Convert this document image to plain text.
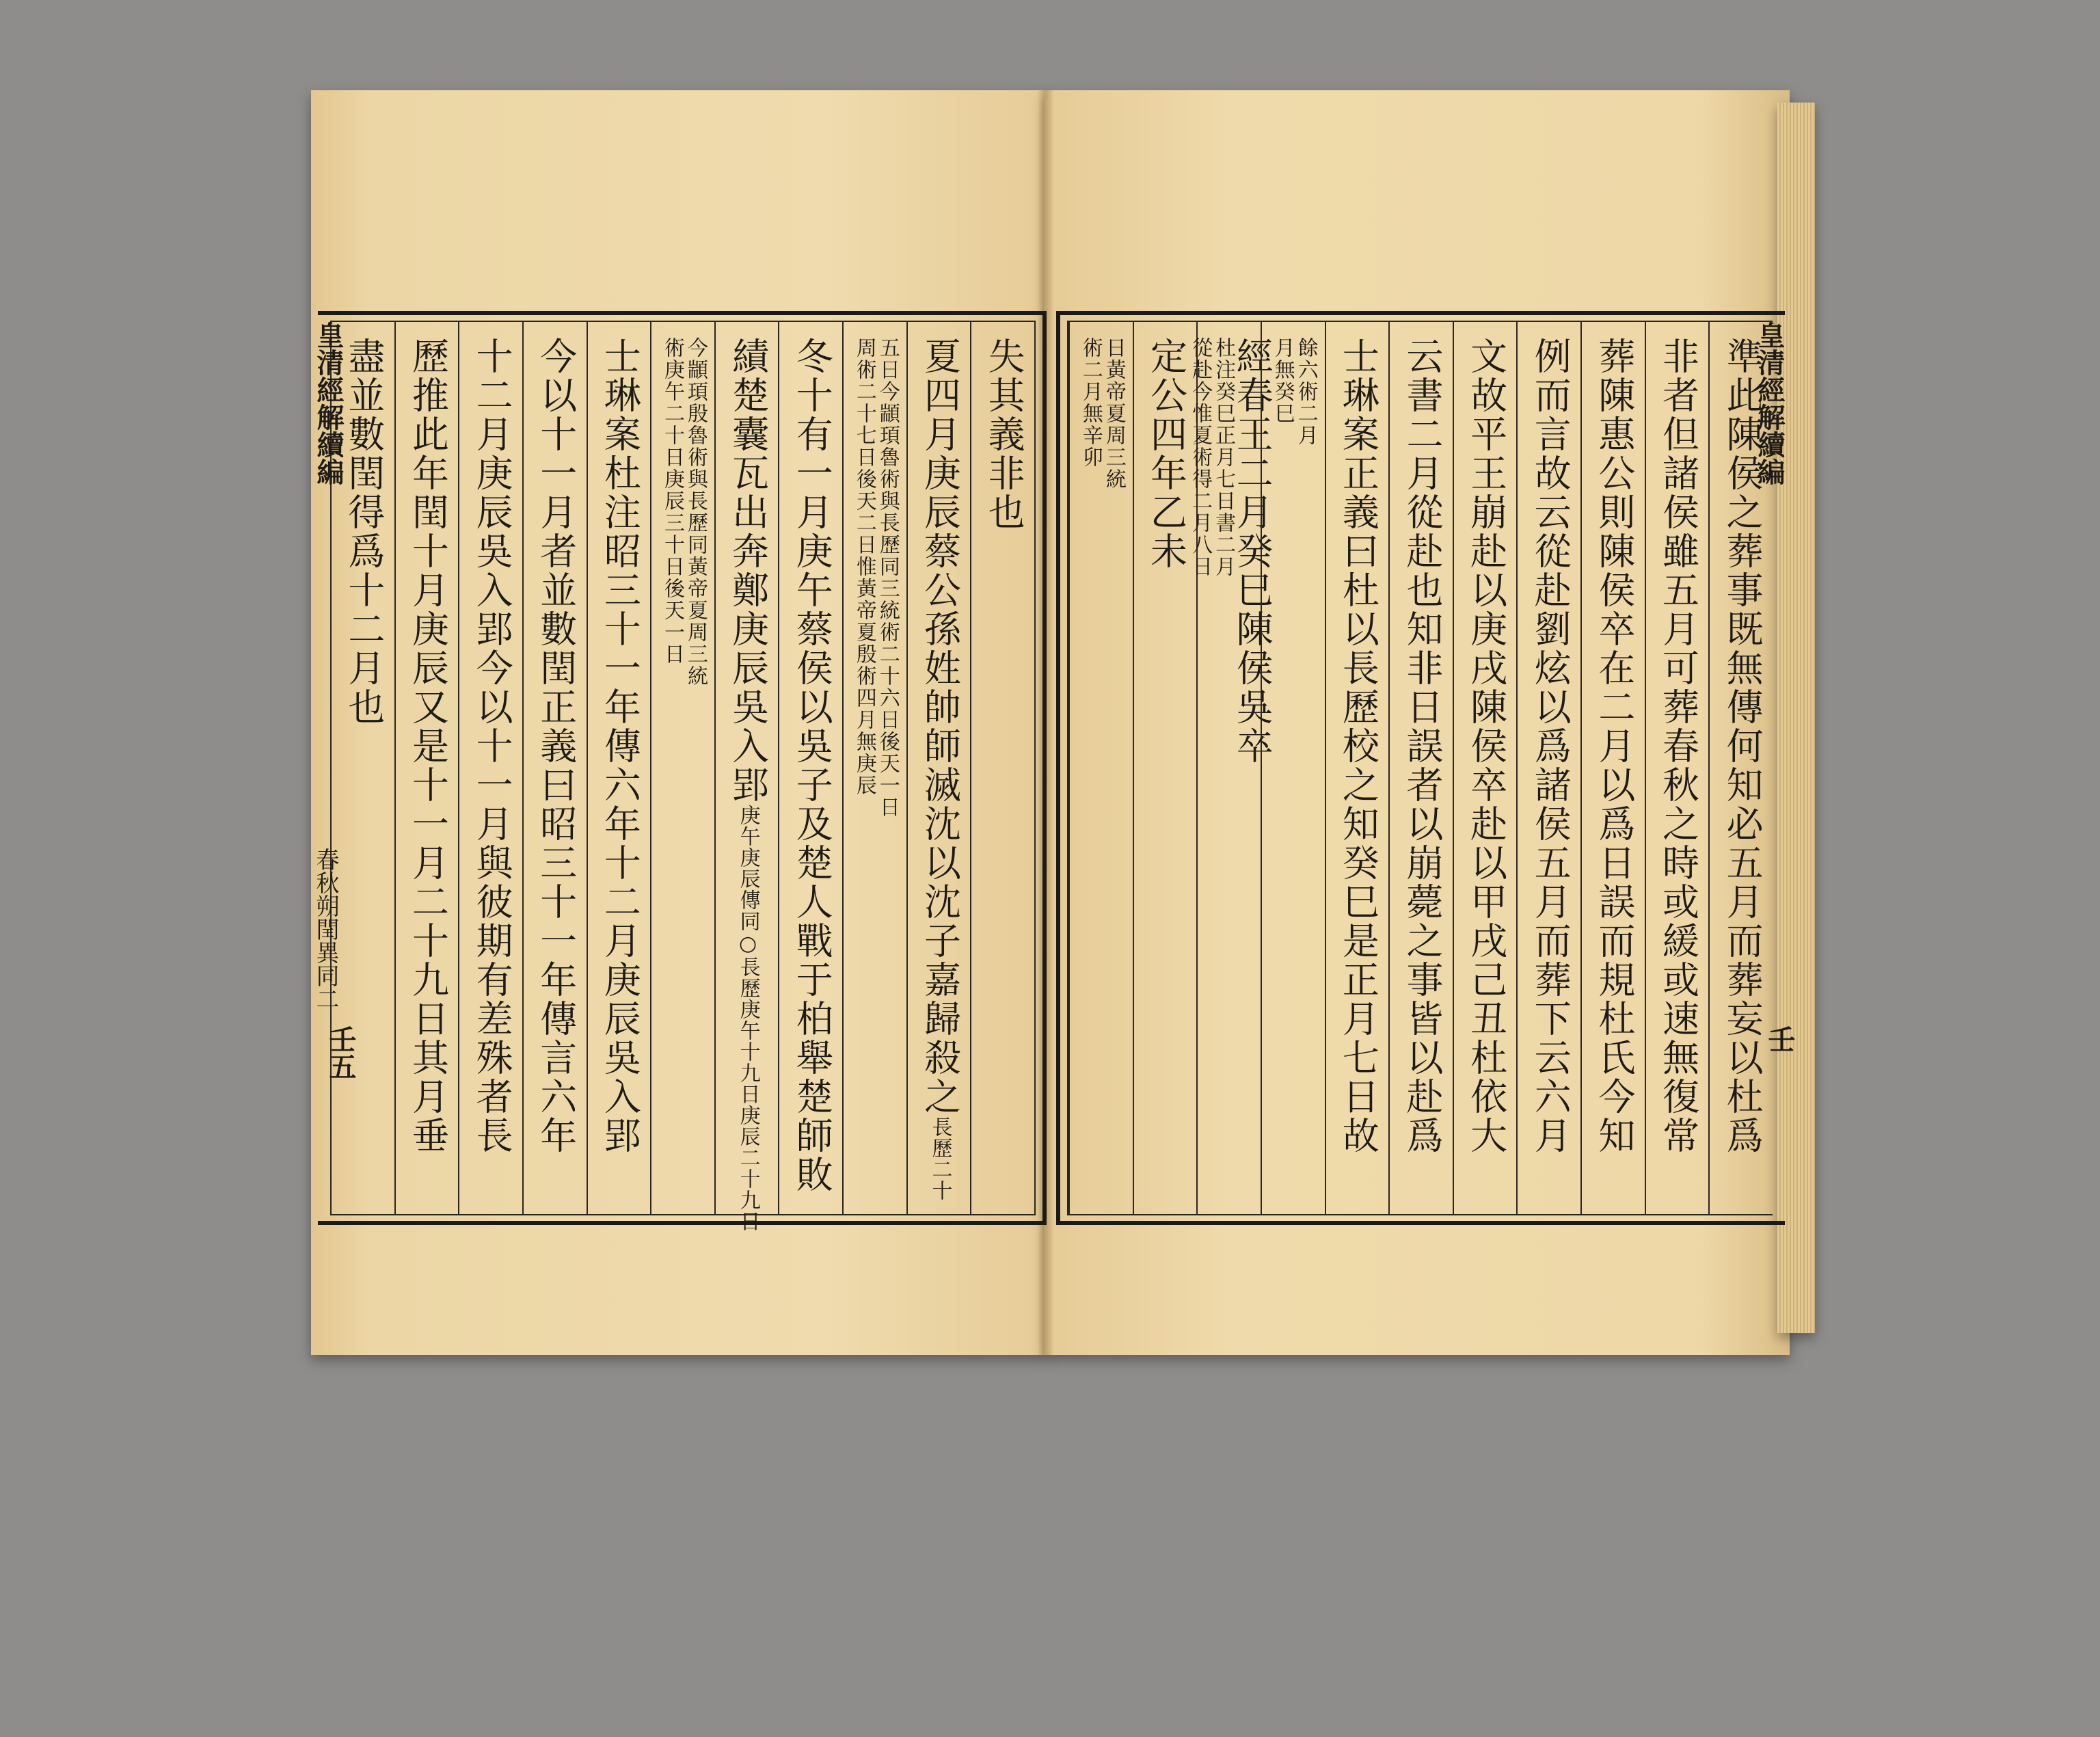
盡並數閏得爲十二月也 歷推此年閏十月庚辰又是十一月二十九日其月垂 十二月庚辰吳入郢今以十一月與彼期有差殊者長 今以十一月者並數閏正義曰昭三十一年傳言六年 士琳案杜注昭三十一年傳六年十二月庚辰吳入郢 今顓頊殷魯術與長歷同黃帝夏周三統
術庚午二十日庚辰三十日後天一日 績楚囊瓦出奔鄭庚辰吳入郢庚午庚辰傳同○長歷庚午十九日庚辰二十九日 冬十有一月庚午蔡侯以吳子及楚人戰于柏舉楚師敗 五日今顓頊魯術與長歷同三統術二十六日後天一日
周術二十七日後天二日惟黃帝夏殷術四月無庚辰 夏四月庚辰蔡公孫姓帥師滅沈以沈子嘉歸殺之長歷二十
失其義非也
皇清經解續編
春秋朔閏異同二
壬五
日黃帝夏周三統
術二月無辛卯 定公四年乙未 經春王二月癸巳陳侯吳卒
杜注癸巳正月七日書二月
從赴今惟夏術得二月八日	餘六術二月
月無癸巳 士琳案正義曰杜以長歷校之知癸巳是正月七日故 云書二月從赴也知非日誤者以崩薨之事皆以赴爲 文故平王崩赴以庚戌陳侯卒赴以甲戌己丑杜依大 例而言故云從赴劉炫以爲諸侯五月而葬下云六月 葬陳惠公則陳侯卒在二月以爲日誤而規杜氏今知 非者但諸侯雖五月可葬春秋之時或緩或速無復常 準此陳侯之葬事既無傳何知必五月而葬妄以杜爲
皇清經解續編
壬
